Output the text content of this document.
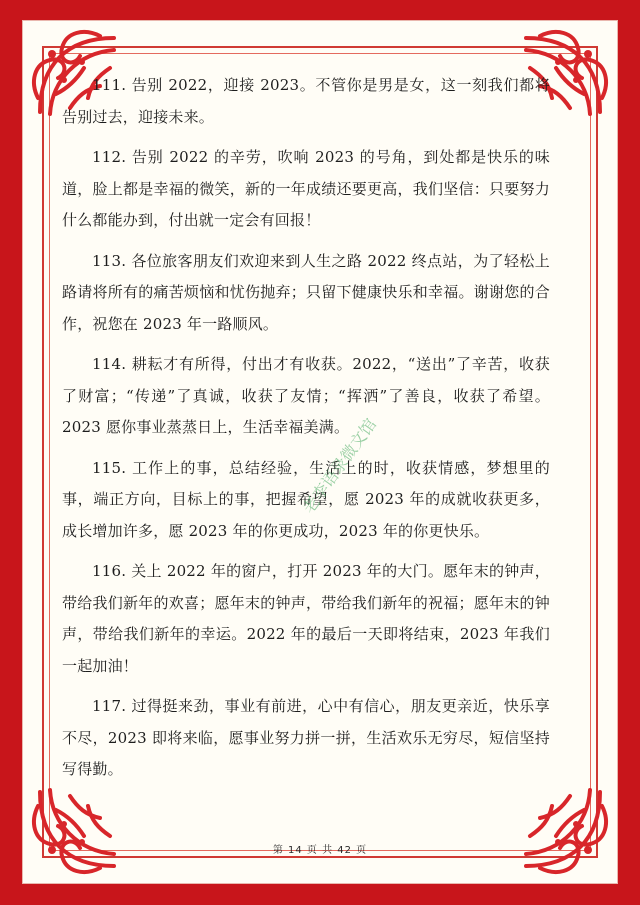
111. 告别 2022，迎接 2023。不管你是男是女，这一刻我们都将告别过去，迎接未来。

112. 告别 2022 的辛劳，吹响 2023 的号角，到处都是快乐的味道，脸上都是幸福的微笑，新的一年成绩还要更高，我们坚信：只要努力什么都能办到，付出就一定会有回报！

113. 各位旅客朋友们欢迎来到人生之路 2022 终点站，为了轻松上路请将所有的痛苦烦恼和忧伤抛弃；只留下健康快乐和幸福。谢谢您的合作，祝您在 2023 年一路顺风。

114. 耕耘才有所得，付出才有收获。2022，“送出”了辛苦，收获了财富；“传递”了真诚，收获了友情；“挥洒”了善良，收获了希望。2023 愿你事业蒸蒸日上，生活幸福美满。

115. 工作上的事，总结经验，生活上的时，收获情感，梦想里的事，端正方向，目标上的事，把握希望，愿 2023 年的成就收获更多，成长增加许多，愿 2023 年的你更成功，2023 年的你更快乐。

116. 关上 2022 年的窗户，打开 2023 年的大门。愿年末的钟声，带给我们新年的欢喜；愿年末的钟声，带给我们新年的祝福；愿年末的钟声，带给我们新年的幸运。2022 年的最后一天即将结束，2023 年我们一起加油！

117. 过得挺来劲，事业有前进，心中有信心，朋友更亲近，快乐享不尽，2023 即将来临，愿事业努力拼一拼，生活欢乐无穷尽，短信坚持写得勤。

老李语录微文馆
第 14 页 共 42 页
